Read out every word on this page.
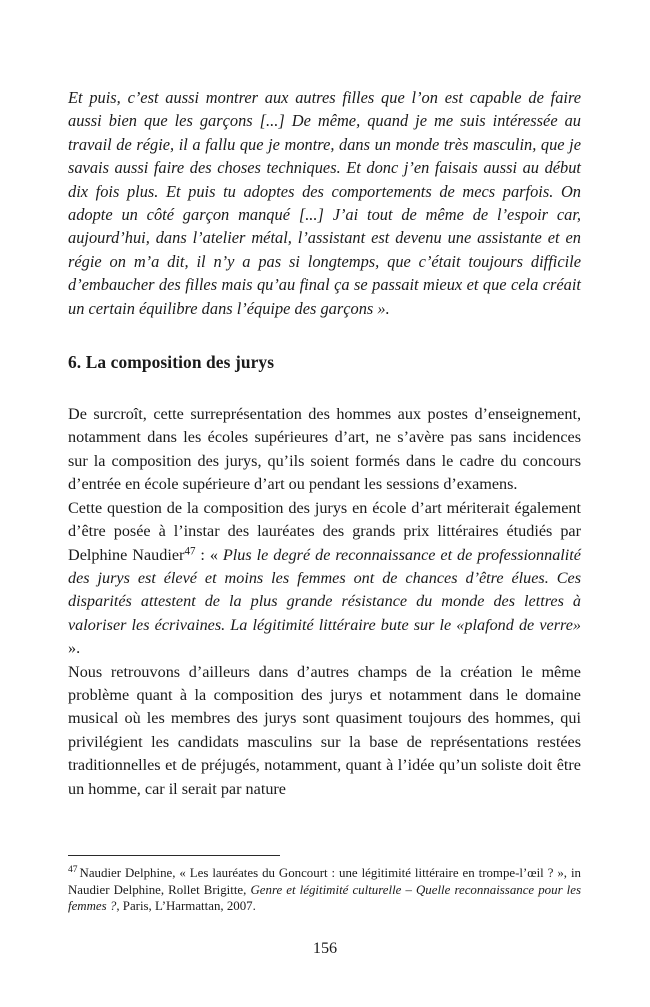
Et puis, c’est aussi montrer aux autres filles que l’on est capable de faire aussi bien que les garçons [...] De même, quand je me suis intéressée au travail de régie, il a fallu que je montre, dans un monde très masculin, que je savais aussi faire des choses techniques. Et donc j’en faisais aussi au début dix fois plus. Et puis tu adoptes des comportements de mecs parfois. On adopte un côté garçon manqué [...] J’ai tout de même de l’espoir car, aujourd’hui, dans l’atelier métal, l’assistant est devenu une assistante et en régie on m’a dit, il n’y a pas si longtemps, que c’était toujours difficile d’embaucher des filles mais qu’au final ça se passait mieux et que cela créait un certain équilibre dans l’équipe des garçons ».

6. La composition des jurys

De surcroît, cette surreprésentation des hommes aux postes d’enseignement, notamment dans les écoles supérieures d’art, ne s’avère pas sans incidences sur la composition des jurys, qu’ils soient formés dans le cadre du concours d’entrée en école supérieure d’art ou pendant les sessions d’examens.

Cette question de la composition des jurys en école d’art mériterait également d’être posée à l’instar des lauréates des grands prix littéraires étudiés par Delphine Naudier$^{47}$ : « Plus le degré de reconnaissance et de professionnalité des jurys est élevé et moins les femmes ont de chances d’être élues. Ces disparités attestent de la plus grande résistance du monde des lettres à valoriser les écrivaines. La légitimité littéraire bute sur le «plafond de verre» ».

Nous retrouvons d’ailleurs dans d’autres champs de la création le même problème quant à la composition des jurys et notamment dans le domaine musical où les membres des jurys sont quasiment toujours des hommes, qui privilégient les candidats masculins sur la base de représentations restées traditionnelles et de préjugés, notamment, quant à l’idée qu’un soliste doit être un homme, car il serait par nature

$^{47}$ Naudier Delphine, « Les lauréates du Goncourt : une légitimité littéraire en trompe-l’œil ? », in Naudier Delphine, Rollet Brigitte, Genre et légitimité culturelle – Quelle reconnaissance pour les femmes ?, Paris, L’Harmattan, 2007.

156
